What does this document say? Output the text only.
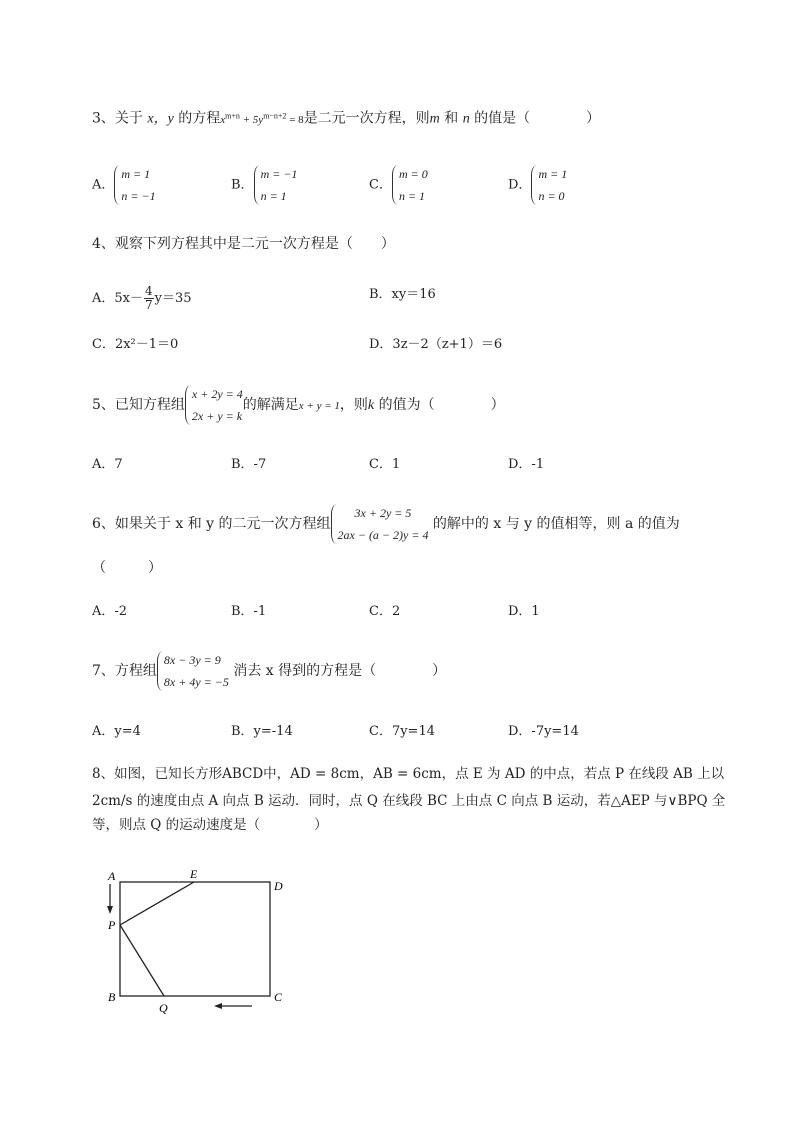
3、关于 x，y 的方程$x^{m+n} + 5y^{m-n+2} = 8$是二元一次方程，则m 和 n 的值是（　　　　）
A．
m = 1
n = −1
B．
m = −1
n = 1
C．
m = 0
n = 1
D．
m = 1
n = 0
4、观察下列方程其中是二元一次方程是（　　）
A．$5x- \frac{4}{7} y=35$	B．xy＝16
C．2x²－1＝0	D．3z－2（z+1）＝6
5、已知方程组
x + 2y = 4
2x + y = k
的解满足x + y = 1，则k 的值为（　　　　）
A．7	B．-7	C．1	D．-1
6、如果关于 x 和 y 的二元一次方程组
3x + 2y = 5
2ax − (a − 2)y = 4
的解中的 x 与 y 的值相等，则 a 的值为
（　　　）
A．-2	B．-1	C．2	D．1
7、方程组
8x − 3y = 9
8x + 4y = −5
消去 x 得到的方程是（　　　　）
A．y=4	B．y=-14	C．7y=14	D．-7y=14
8、如图，已知长方形ABCD中，AD = 8cm，AB = 6cm，点 E 为 AD 的中点，若点 P 在线段 AB 上以
2cm/s 的速度由点 A 向点 B 运动．同时，点 Q 在线段 BC 上由点 C 向点 B 运动，若△AEP 与∨BPQ 全
等，则点 Q 的运动速度是（　　　　）
A	E
D
P
B
Q
C
